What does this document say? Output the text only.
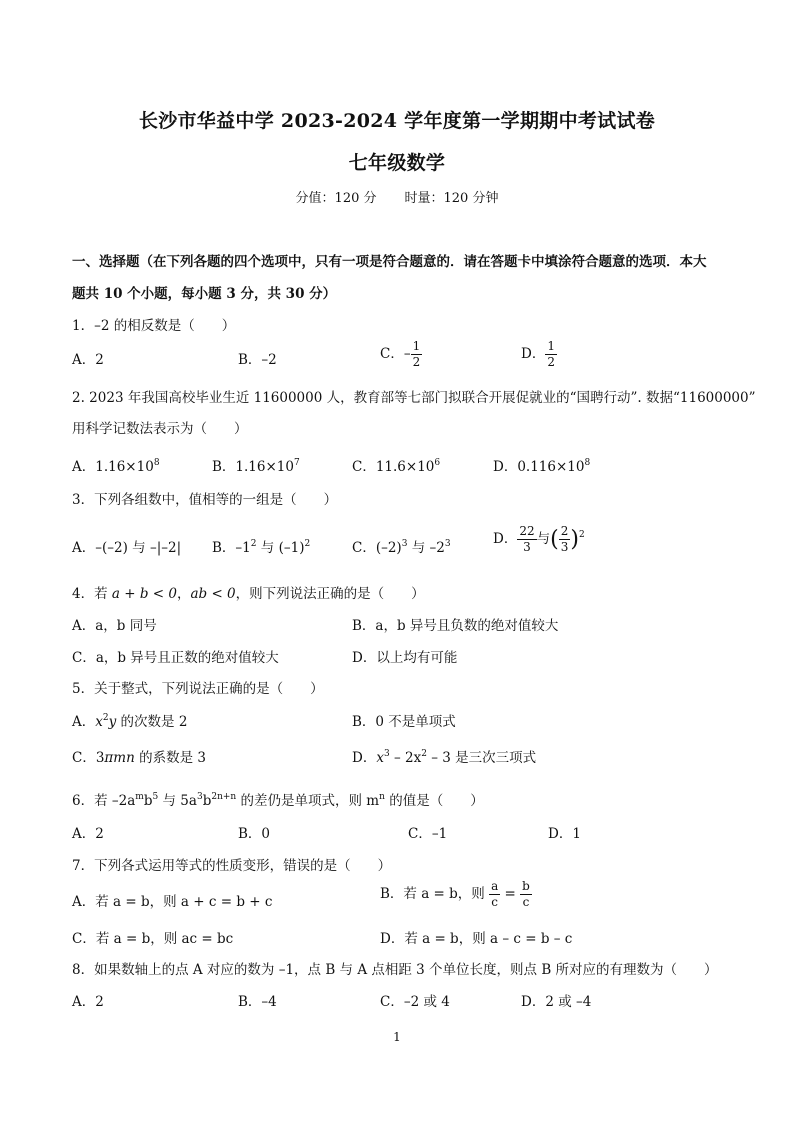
长沙市华益中学 2023-2024 学年度第一学期期中考试试卷
七年级数学
分值：120 分 时量：120 分钟
一、选择题（在下列各题的四个选项中，只有一项是符合题意的．请在答题卡中填涂符合题意的选项．本大
题共 10 个小题，每小题 3 分，共 30 分）
1．–2 的相反数是（　　）
A．2	B．–2	C．– $\frac{1}{2}$	D． $\frac{1}{2}$
2. 2023 年我国高校毕业生近 11600000 人，教育部等七部门拟联合开展促就业的“国聘行动”. 数据“11600000”
用科学记数法表示为（　　）
A．$1.16\times 10^8$	B．$1.16\times 10^7$	C．$11.6\times 10^6$	D．$0.116\times 10^8$
3．下列各组数中，值相等的一组是（　　）
A．–(–2) 与 –|–2| B．$-1^2$ 与 $(-1)^2$	C．$(-2)^3$ 与 $-2^3$	D． $\frac{22}{3}$ 与( $\frac{2}{3} )^2$
4．若 a + b < 0，ab < 0，则下列说法正确的是（　　）
A．a，b 同号	B．a，b 异号且负数的绝对值较大
C．a，b 异号且正数的绝对值较大	D．以上均有可能
5．关于整式，下列说法正确的是（　　）
A．$x^2y$ 的次数是 2	B．0 不是单项式
C．3πmn 的系数是 3	D．$x^3 - 2x^2 - 3$ 是三次三项式
6．若 $-2a^mb^5$ 与 $5a^3b^{2n+n}$ 的差仍是单项式，则 $m^n$ 的值是（　　）
A．2	B．0	C．–1	D．1
7．下列各式运用等式的性质变形，错误的是（　　）
A．若 a = b，则 a + c = b + c	B．若 a = b，则 $\frac{a}{c} = \frac{b}{c}$
C．若 a = b，则 ac = bc	D．若 a = b，则 a – c = b – c
8．如果数轴上的点 A 对应的数为 –1，点 B 与 A 点相距 3 个单位长度，则点 B 所对应的有理数为（　　）
A．2	B．–4	C．–2 或 4	D．2 或 –4
1
